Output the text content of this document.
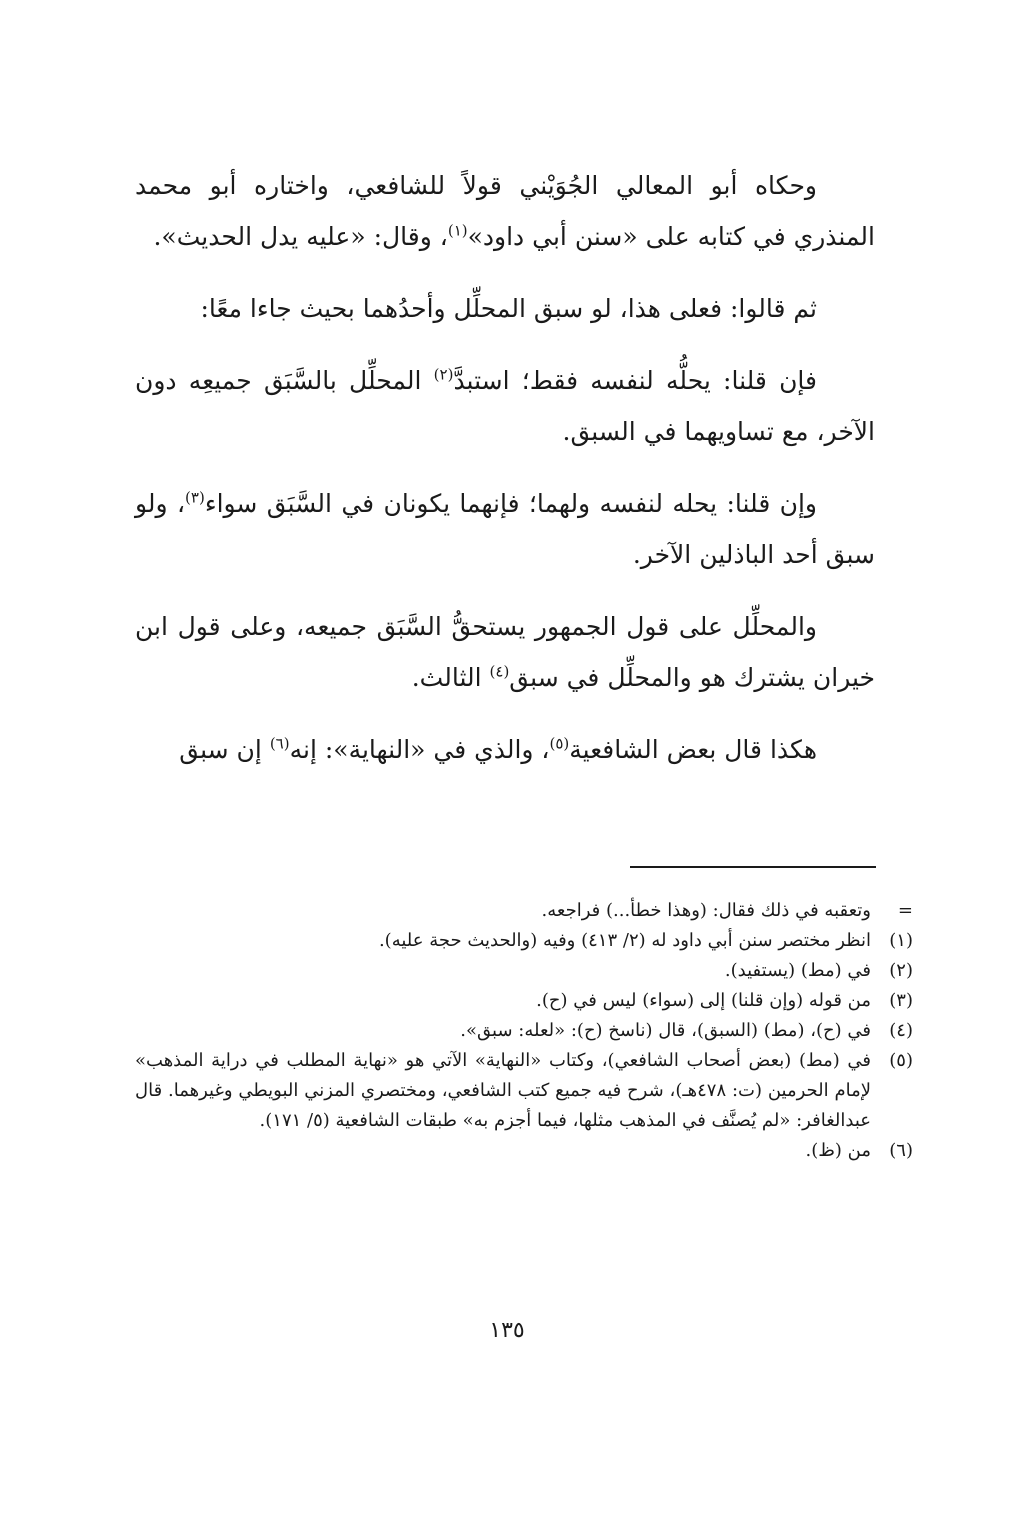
وحكاه أبو المعالي الجُوَيْني قولاً للشافعي، واختاره أبو محمد المنذري في كتابه على «سنن أبي داود»$^{(١)}$، وقال: «عليه يدل الحديث».

ثم قالوا: فعلى هذا، لو سبق المحلِّل وأحدُهما بحيث جاءا معًا:

فإن قلنا: يحلُّه لنفسه فقط؛ استبدَّ$^{(٢)}$ المحلِّل بالسَّبَق جميعِه دون الآخر، مع تساويهما في السبق.

وإن قلنا: يحله لنفسه ولهما؛ فإنهما يكونان في السَّبَق سواء$^{(٣)}$، ولو سبق أحد الباذلين الآخر.

والمحلِّل على قول الجمهور يستحقُّ السَّبَق جميعه، وعلى قول ابن خيران يشترك هو والمحلِّل في سبق$^{(٤)}$ الثالث.

هكذا قال بعض الشافعية$^{(٥)}$، والذي في «النهاية»: إنه$^{(٦)}$ إن سبق

=
وتعقبه في ذلك فقال: (وهذا خطأ...) فراجعه.
(١)
انظر مختصر سنن أبي داود له (٢/ ٤١٣) وفيه (والحديث حجة عليه).
(٢)
في (مط) (يستفيد).
(٣)
من قوله (وإن قلنا) إلى (سواء) ليس في (ح).
(٤)
في (ح)، (مط) (السبق)، قال (ناسخ (ح): «لعله: سبق».
(٥)
في (مط) (بعض أصحاب الشافعي)، وكتاب «النهاية» الآتي هو «نهاية المطلب في دراية المذهب» لإمام الحرمين (ت: ٤٧٨هـ)، شرح فيه جميع كتب الشافعي، ومختصري المزني البويطي وغيرهما. قال عبدالغافر: «لم يُصنَّف في المذهب مثلها، فيما أجزم به» طبقات الشافعية (٥/ ١٧١).
(٦)
من (ظ).
١٣٥
